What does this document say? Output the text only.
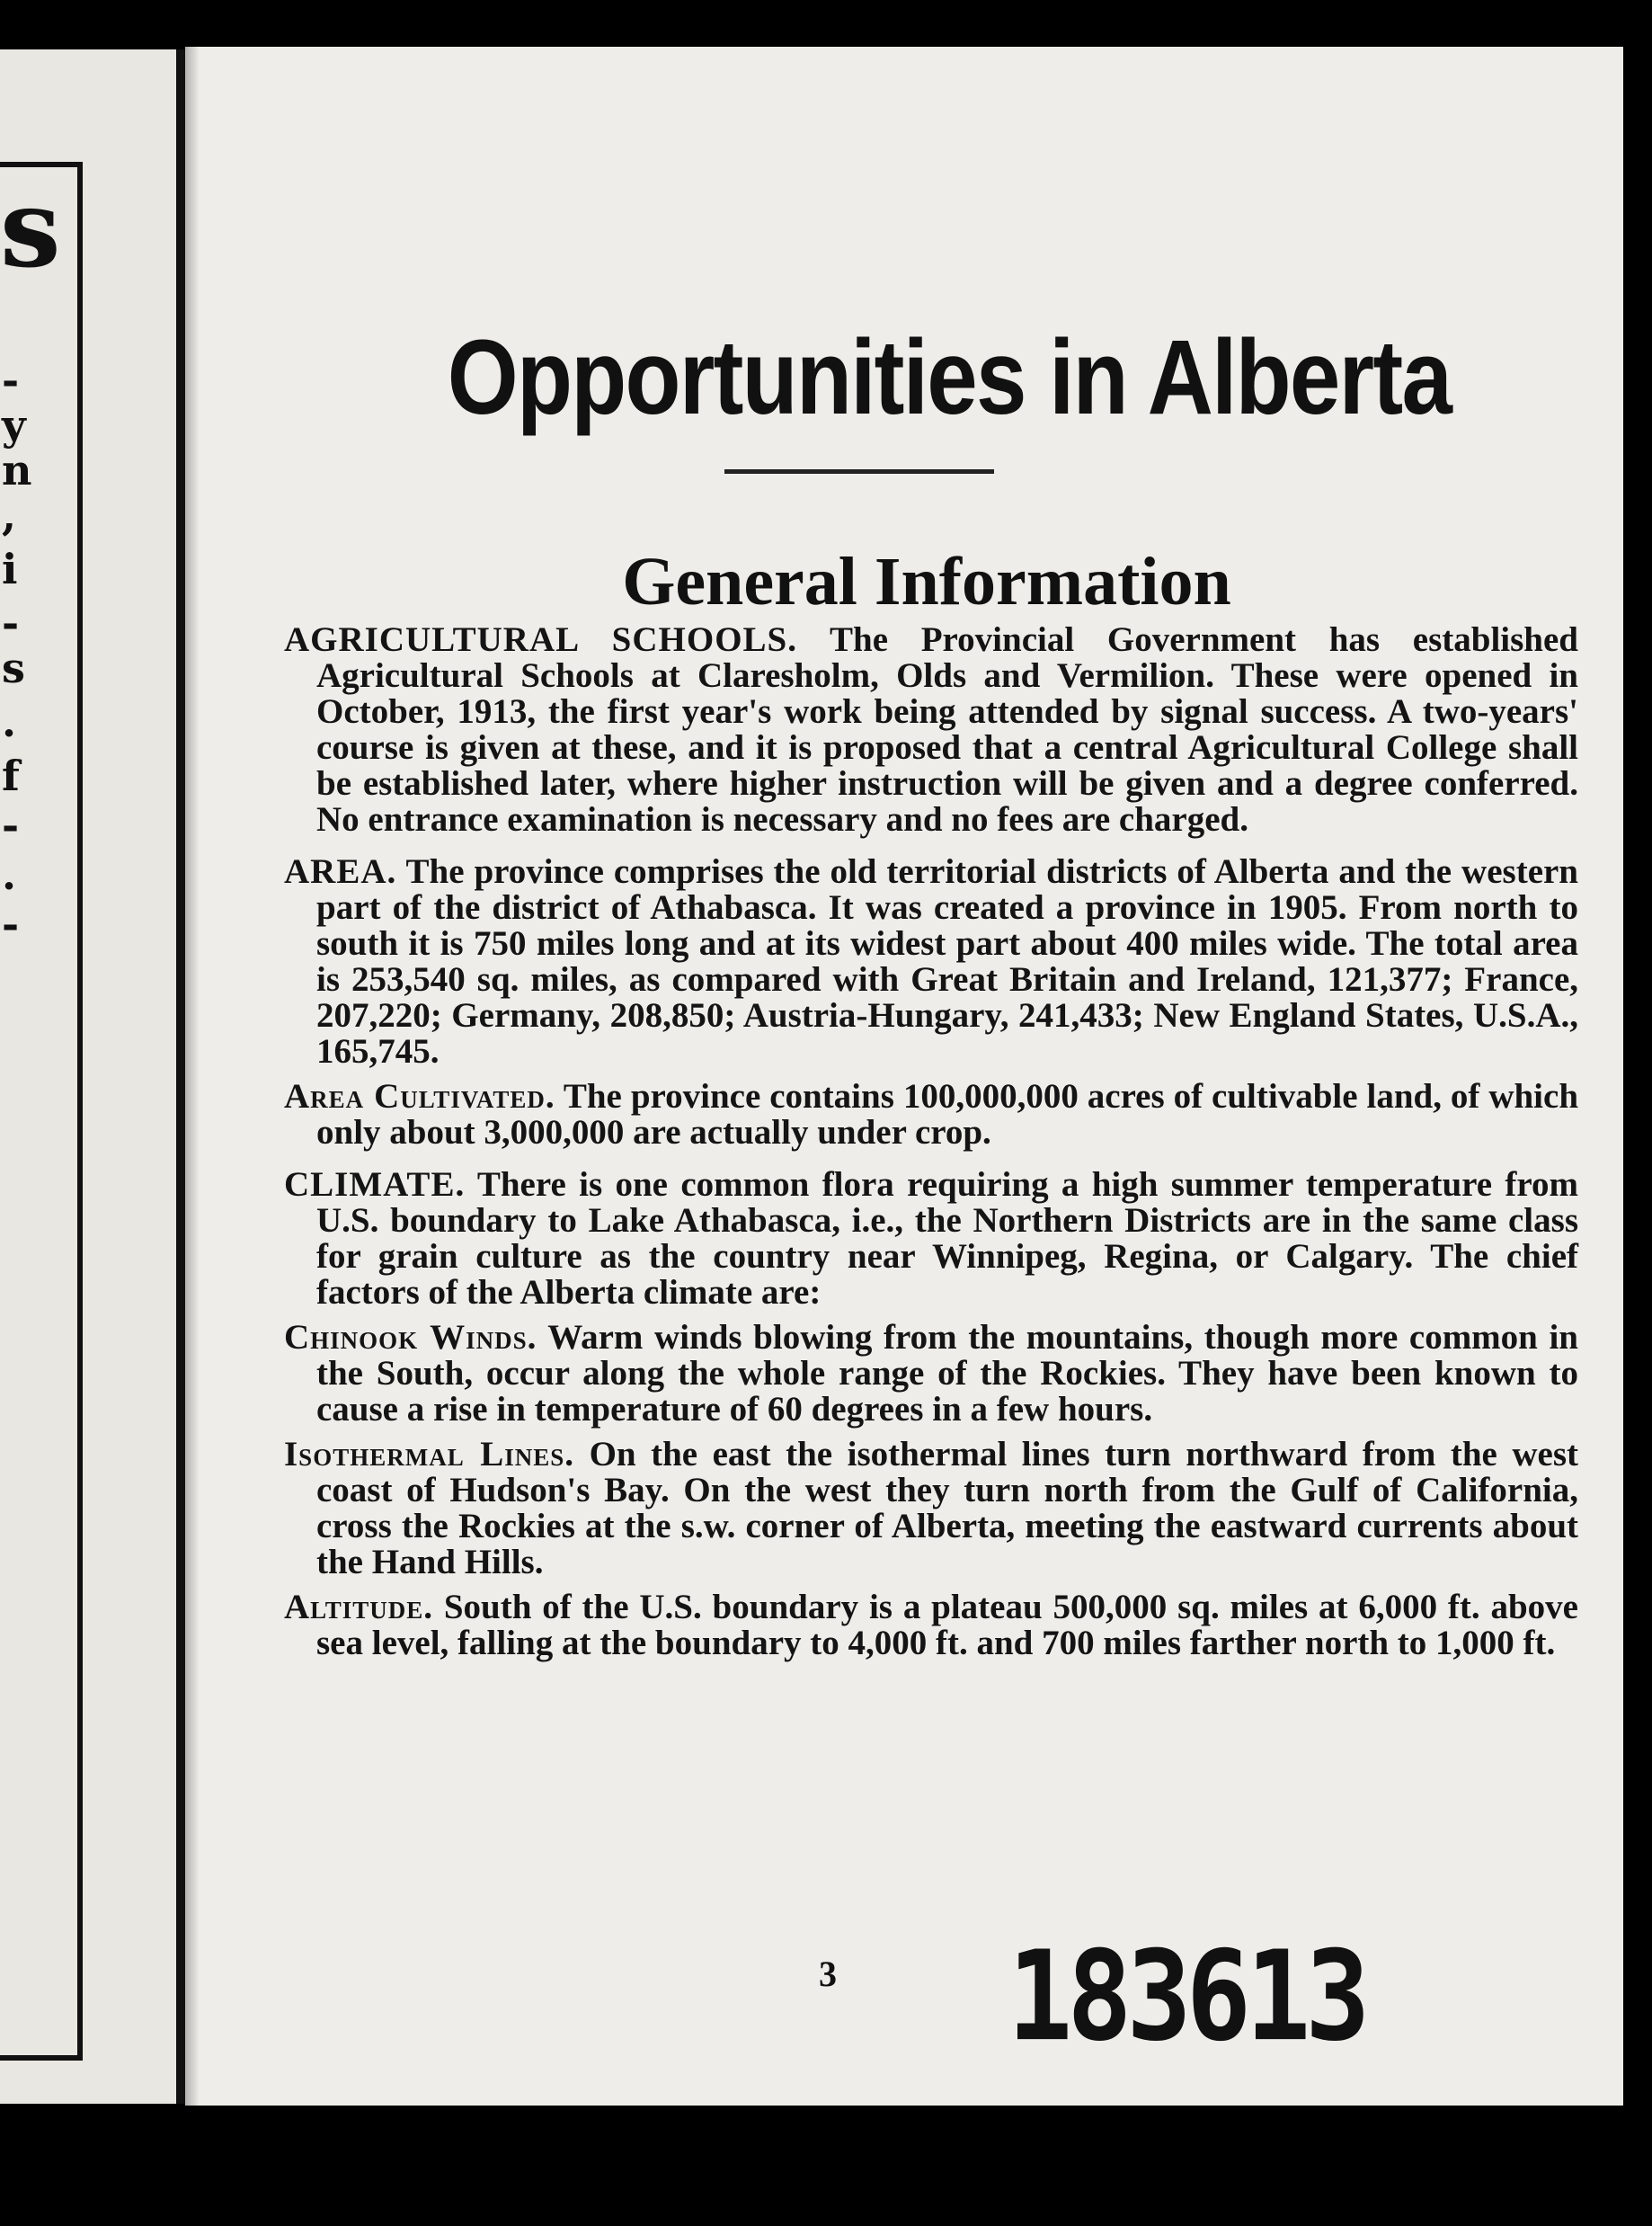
s
-
y
n
,
i
-
s
.
f
-
.
-
Opportunities in Alberta
General Information

AGRICULTURAL SCHOOLS. The Provincial Government has established Agricultural Schools at Claresholm, Olds and Vermilion. These were opened in October, 1913, the first year's work being attended by signal success. A two-years' course is given at these, and it is proposed that a central Agricultural College shall be established later, where higher instruction will be given and a degree conferred. No entrance examination is necessary and no fees are charged.

AREA. The province comprises the old territorial districts of Alberta and the western part of the district of Athabasca. It was created a province in 1905. From north to south it is 750 miles long and at its widest part about 400 miles wide. The total area is 253,540 sq. miles, as compared with Great Britain and Ireland, 121,377; France, 207,220; Germany, 208,850; Austria-Hungary, 241,433; New England States, U.S.A., 165,745.

Area Cultivated. The province contains 100,000,000 acres of cultivable land, of which only about 3,000,000 are actually under crop.

CLIMATE. There is one common flora requiring a high summer temperature from U.S. boundary to Lake Athabasca, i.e., the Northern Districts are in the same class for grain culture as the country near Winnipeg, Regina, or Calgary. The chief factors of the Alberta climate are:

Chinook Winds. Warm winds blowing from the mountains, though more common in the South, occur along the whole range of the Rockies. They have been known to cause a rise in temperature of 60 degrees in a few hours.

Isothermal Lines. On the east the isothermal lines turn northward from the west coast of Hudson's Bay. On the west they turn north from the Gulf of California, cross the Rockies at the s.w. corner of Alberta, meeting the eastward currents about the Hand Hills.

Altitude. South of the U.S. boundary is a plateau 500,000 sq. miles at 6,000 ft. above sea level, falling at the boundary to 4,000 ft. and 700 miles farther north to 1,000 ft.

3 183613
